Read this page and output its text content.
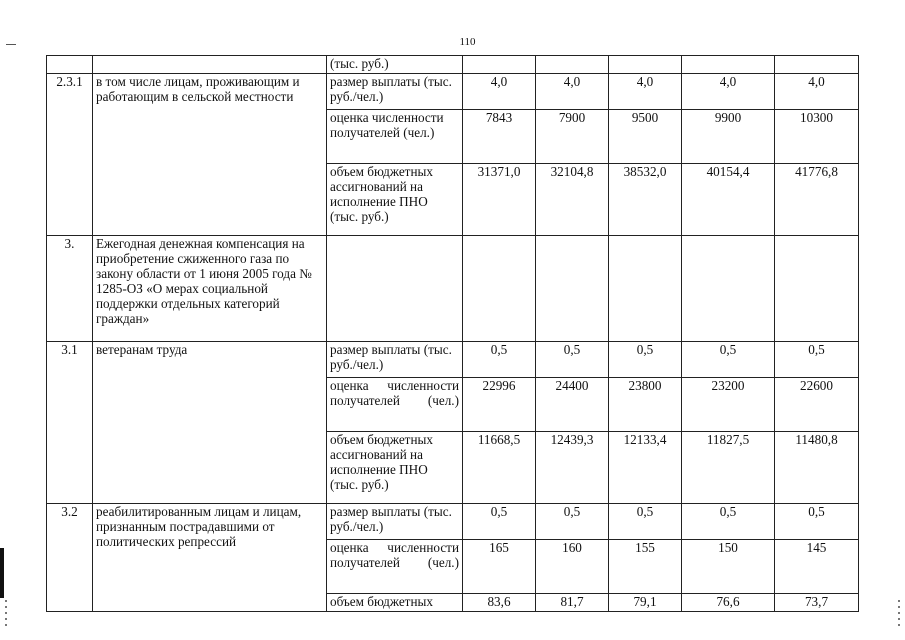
110
		(тыс. руб.)					
2.3.1	в том числе лицам, проживающим и работающим в сельской местности	размер выплаты (тыс. руб./чел.)	4,0	4,0	4,0	4,0	4,0
		оценка численности получателей (чел.)	7843	7900	9500	9900	10300
		объем бюджетных ассигнований на исполнение ПНО (тыс. руб.)	31371,0	32104,8	38532,0	40154,4	41776,8
3.	Ежегодная денежная компенсация на приобретение сжиженного газа по закону области от 1 июня 2005 года № 1285-ОЗ «О мерах социальной поддержки отдельных категорий граждан»						
3.1	ветеранам труда	размер выплаты (тыс. руб./чел.)	0,5	0,5	0,5	0,5	0,5
		оценка численности получателей (чел.)	22996	24400	23800	23200	22600
		объем бюджетных ассигнований на исполнение ПНО (тыс. руб.)	11668,5	12439,3	12133,4	11827,5	11480,8
3.2	реабилитированным лицам и лицам, признанным пострадавшими от политических репрессий	размер выплаты (тыс. руб./чел.)	0,5	0,5	0,5	0,5	0,5
		оценка численности получателей (чел.)	165	160	155	150	145
		объем бюджетных	83,6	81,7	79,1	76,6	73,7
